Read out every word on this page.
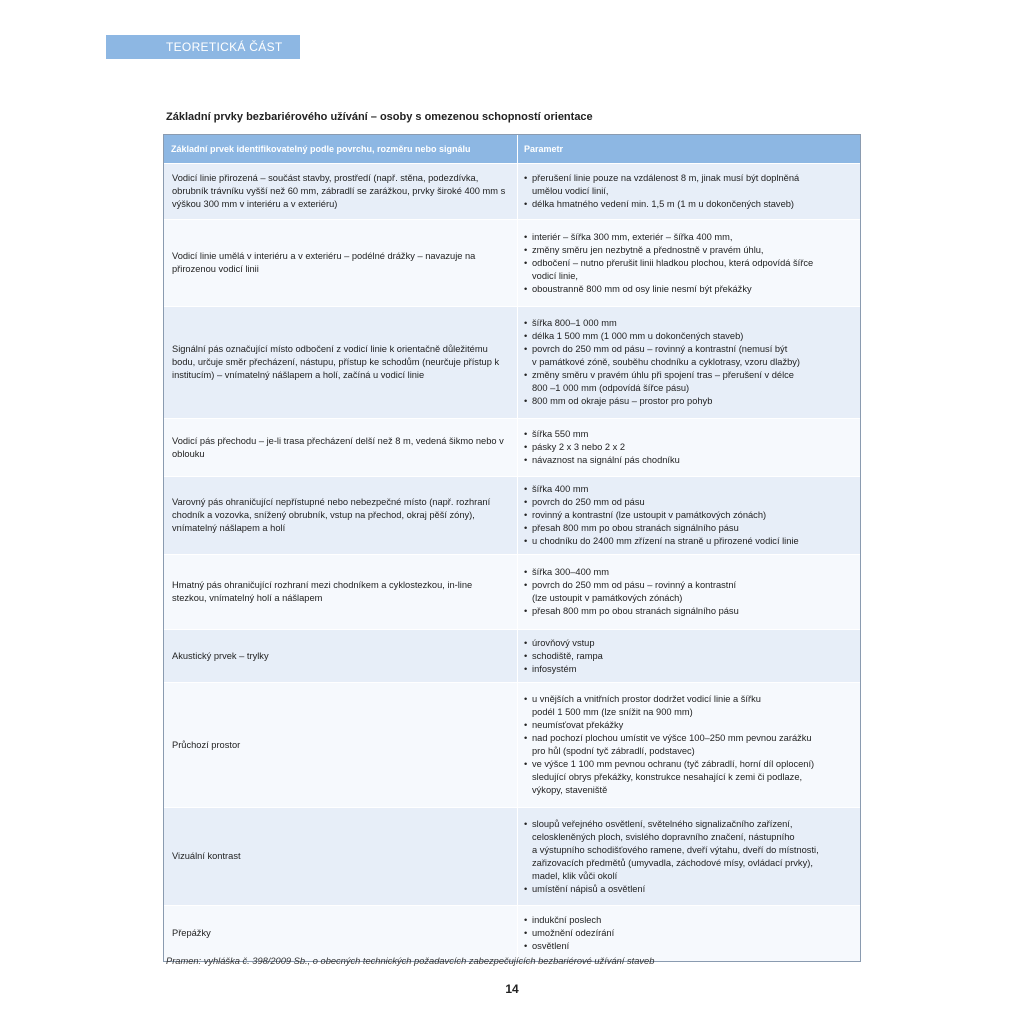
TEORETICKÁ ČÁST
Základní prvky bezbariérového užívání – osoby s omezenou schopností orientace
Základní prvek identifikovatelný podle povrchu, rozměru nebo signálu	Parametr
Vodicí linie přirozená – součást stavby, prostředí (např. stěna, podezdívka, obrubník trávníku vyšší než 60 mm, zábradlí se zarážkou, prvky široké 400 mm s výškou 300 mm v interiéru a v exteriéru)
• přerušení linie pouze na vzdálenost 8 m, jinak musí být doplněná
umělou vodicí linií,
• délka hmatného vedení min. 1,5 m (1 m u dokončených staveb)
Vodicí linie umělá v interiéru a v exteriéru – podélné drážky – navazuje na přirozenou vodicí linii
• interiér – šířka 300 mm, exteriér – šířka 400 mm,
• změny směru jen nezbytně a přednostně v pravém úhlu,
• odbočení – nutno přerušit linii hladkou plochou, která odpovídá šířce
vodicí linie,
• oboustranně 800 mm od osy linie nesmí být překážky
Signální pás označující místo odbočení z vodicí linie k orientačně důležitému bodu, určuje směr přecházení, nástupu, přístup ke schodům (neurčuje přístup k institucím) – vnímatelný nášlapem a holí, začíná u vodicí linie
• šířka 800–1 000 mm
• délka 1 500 mm (1 000 mm u dokončených staveb)
• povrch do 250 mm od pásu – rovinný a kontrastní (nemusí být
v památkové zóně, souběhu chodníku a cyklotrasy, vzoru dlažby)
• změny směru v pravém úhlu při spojení tras – přerušení v délce
800 –1 000 mm (odpovídá šířce pásu)
• 800 mm od okraje pásu – prostor pro pohyb
Vodicí pás přechodu – je-li trasa přecházení delší než 8 m, vedená šikmo nebo v oblouku
• šířka 550 mm
• pásky 2 x 3 nebo 2 x 2
• návaznost na signální pás chodníku
Varovný pás ohraničující nepřístupné nebo nebezpečné místo (např. rozhraní chodník a vozovka, snížený obrubník, vstup na přechod, okraj pěší zóny), vnímatelný nášlapem a holí
• šířka 400 mm
• povrch do 250 mm od pásu
• rovinný a kontrastní (lze ustoupit v památkových zónách)
• přesah 800 mm po obou stranách signálního pásu
• u chodníku do 2400 mm zřízení na straně u přirozené vodicí linie
Hmatný pás ohraničující rozhraní mezi chodníkem a cyklostezkou, in-line stezkou, vnímatelný holí a nášlapem
• šířka 300–400 mm
• povrch do 250 mm od pásu – rovinný a kontrastní
(lze ustoupit v památkových zónách)
• přesah 800 mm po obou stranách signálního pásu
Akustický prvek – trylky
• úrovňový vstup
• schodiště, rampa
• infosystém
Průchozí prostor
• u vnějších a vnitřních prostor dodržet vodicí linie a šířku
podél 1 500 mm (lze snížit na 900 mm)
• neumísťovat překážky
• nad pochozí plochou umístit ve výšce 100–250 mm pevnou zarážku
pro hůl (spodní tyč zábradlí, podstavec)
• ve výšce 1 100 mm pevnou ochranu (tyč zábradlí, horní díl oplocení)
sledující obrys překážky, konstrukce nesahající k zemi či podlaze,
výkopy, staveniště
Vizuální kontrast
• sloupů veřejného osvětlení, světelného signalizačního zařízení,
celoskleněných ploch, svislého dopravního značení, nástupního
a výstupního schodišťového ramene, dveří výtahu, dveří do místnosti,
zařizovacích předmětů (umyvadla, záchodové mísy, ovládací prvky),
madel, klik vůči okolí
• umístění nápisů a osvětlení
Přepážky
• indukční poslech
• umožnění odezírání
• osvětlení
Pramen: vyhláška č. 398/2009 Sb., o obecných technických požadavcích zabezpečujících bezbariérové užívání staveb
14
